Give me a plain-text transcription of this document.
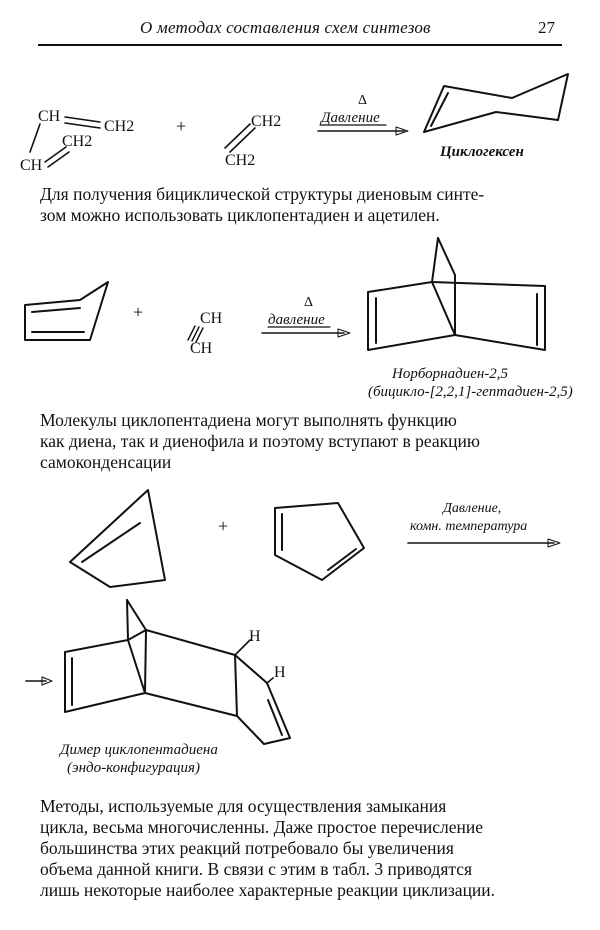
О методах составления схем синтезов	27
CH
CH2
CH2
CH
+	CH2
CH2
Δ
Давление
Циклогексен
+	CH
CH
Δ
давление
Норборнадиен-2,5
(бицикло-[2,2,1]-гептадиен-2,5)
+
Давление,
комн. температура
H
H
Димер циклопентадиена
(эндо-конфигурация)
Для получения бициклической структуры диеновым синте-
зом можно использовать циклопентадиен и ацетилен.
Молекулы циклопентадиена могут выполнять функцию
как диена, так и диенофила и поэтому вступают в реакцию
самоконденсации
Методы, используемые для осуществления замыкания
цикла, весьма многочисленны. Даже простое перечисление
большинства этих реакций потребовало бы увеличения
объема данной книги. В связи с этим в табл. 3 приводятся
лишь некоторые наиболее характерные реакции циклизации.
